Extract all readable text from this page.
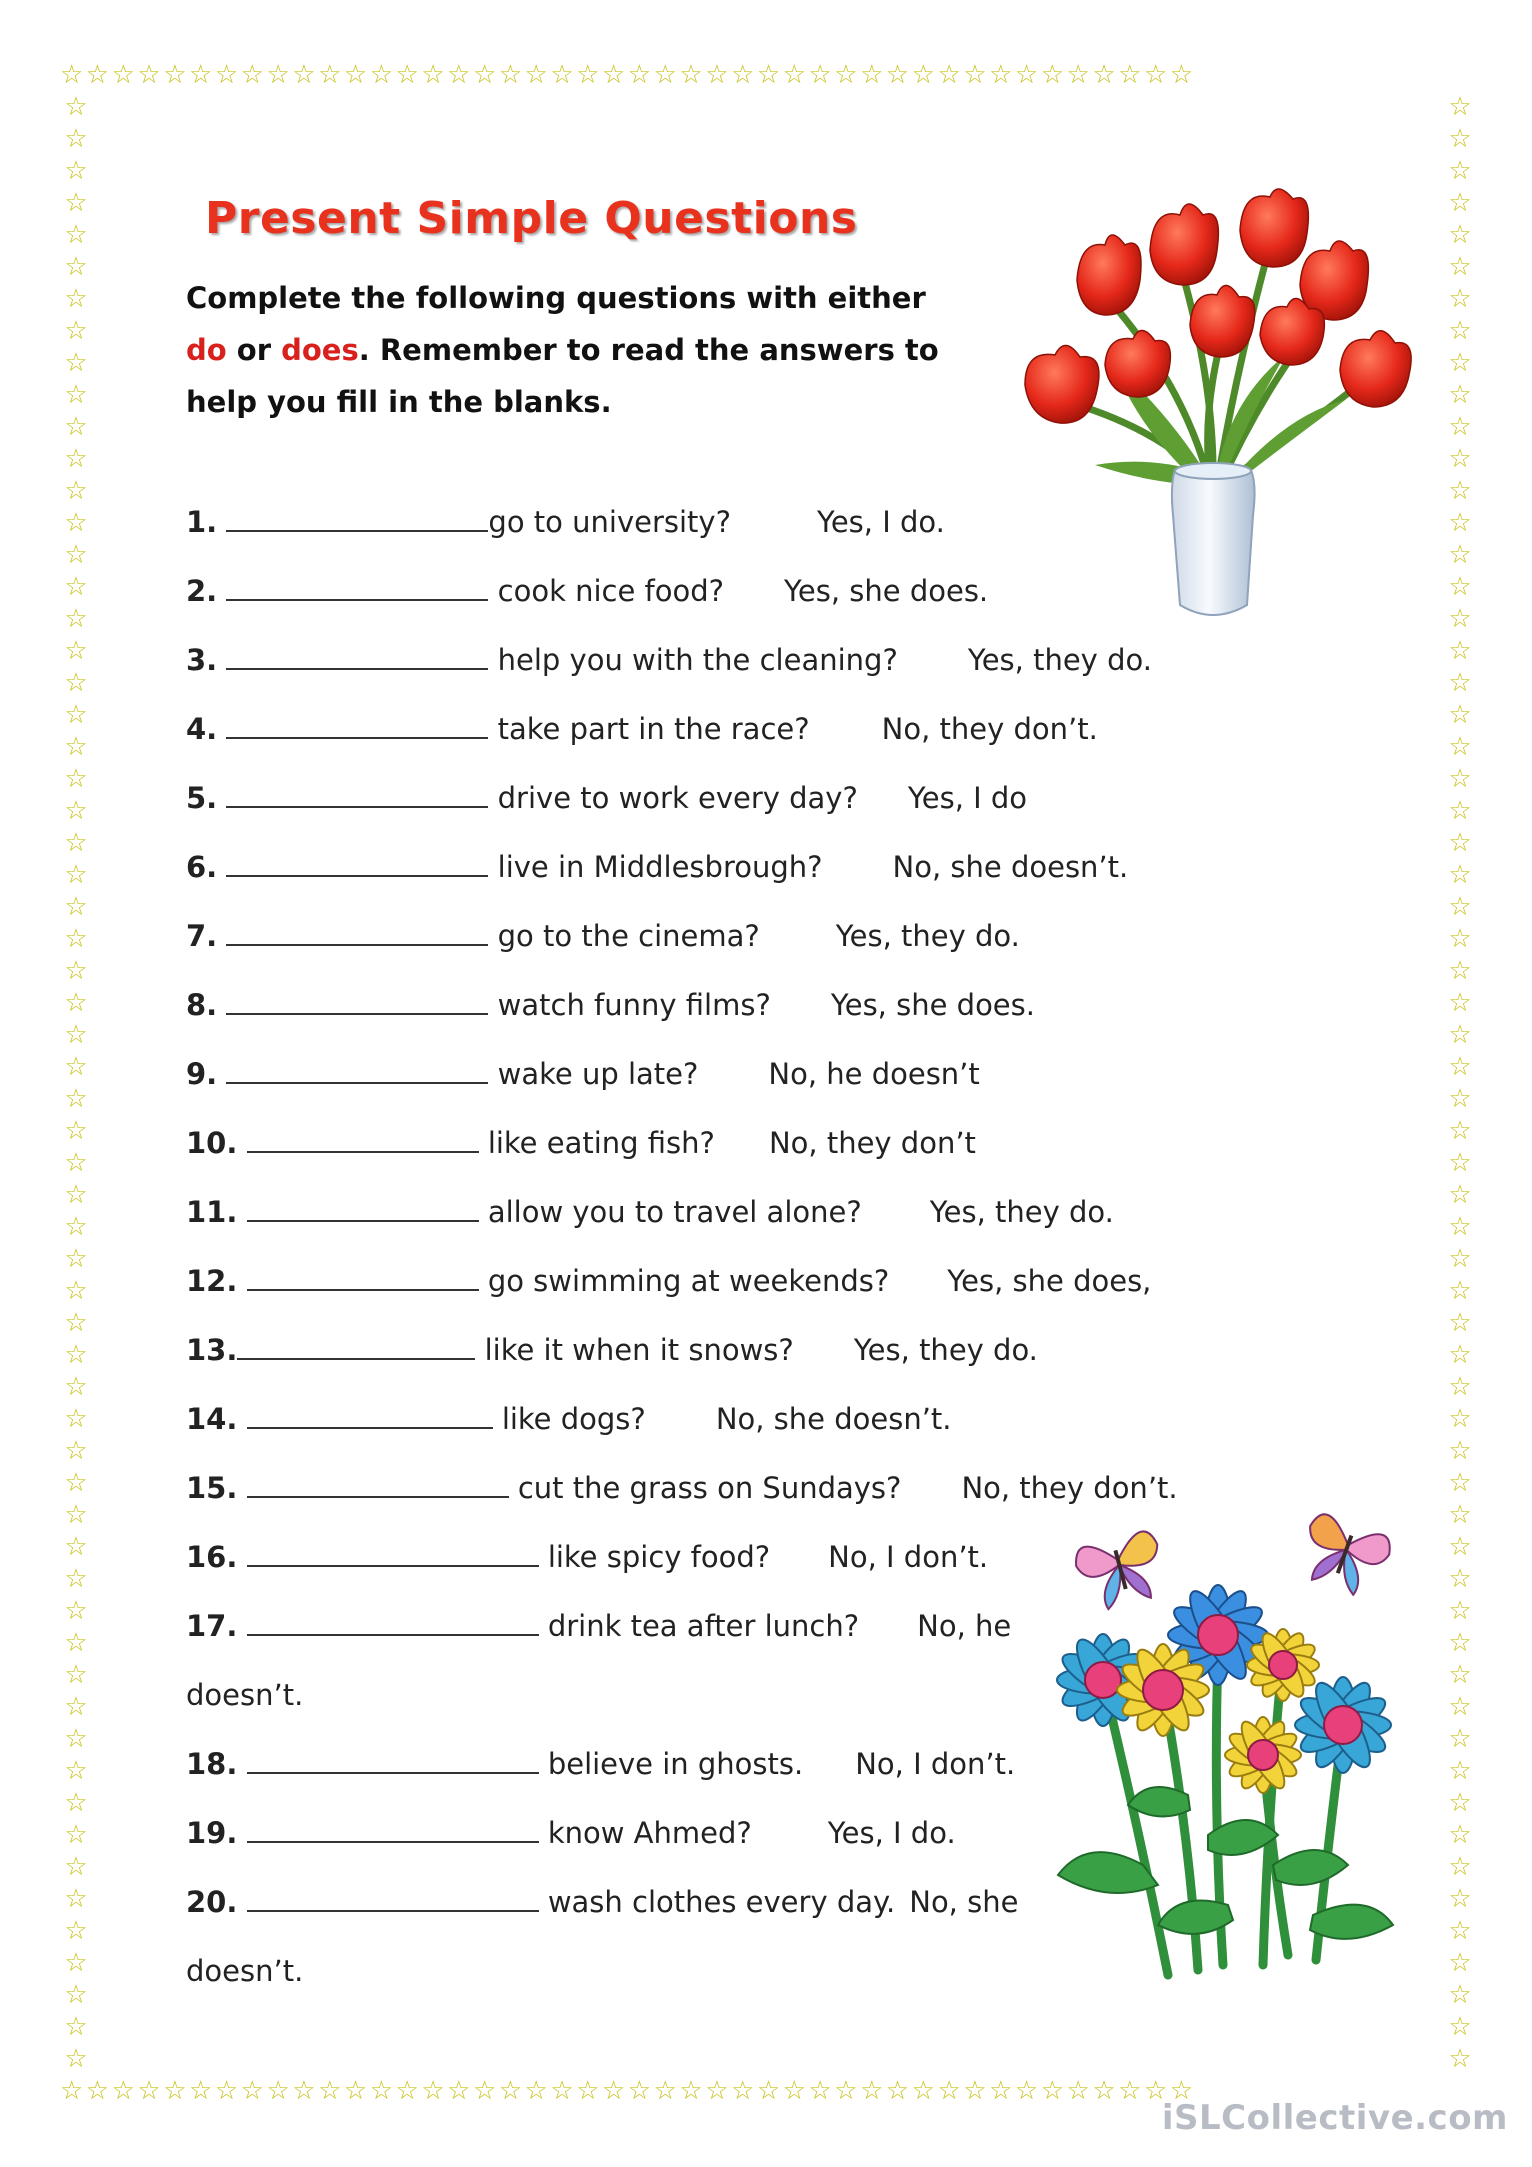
☆☆☆☆☆☆☆☆☆☆☆☆☆☆☆☆☆☆☆☆☆☆☆☆☆☆☆☆☆☆☆☆☆☆☆☆☆☆☆☆☆☆☆☆
☆☆☆☆☆☆☆☆☆☆☆☆☆☆☆☆☆☆☆☆☆☆☆☆☆☆☆☆☆☆☆☆☆☆☆☆☆☆☆☆☆☆☆☆
☆
☆
☆
☆
☆
☆
☆
☆
☆
☆
☆
☆
☆
☆
☆
☆
☆
☆
☆
☆
☆
☆
☆
☆
☆
☆
☆
☆
☆
☆
☆
☆
☆
☆
☆
☆
☆
☆
☆
☆
☆
☆
☆
☆
☆
☆
☆
☆
☆
☆
☆
☆
☆
☆
☆
☆
☆
☆
☆
☆
☆
☆
☆
☆
☆
☆
☆
☆
☆
☆
☆
☆
☆
☆
☆
☆
☆
☆
☆
☆
☆
☆
☆
☆
☆
☆
☆
☆
☆
☆
☆
☆
☆
☆
☆
☆
☆
☆
☆
☆
☆
☆
☆
☆
☆
☆
☆
☆
☆
☆
☆
☆
☆
☆
☆
☆
☆
☆
☆
☆
☆
☆
☆
☆
Present Simple Questions
Complete the following questions with either do or does. Remember to read the answers to help you fill in the blanks.
1.	go to university?	Yes, I do.
2.	cook nice food? Yes, she does.
3.	help you with the cleaning? Yes, they do.
4.	take part in the race? No, they don’t.
5.	drive to work every day? Yes, I do
6.	live in Middlesbrough? No, she doesn’t.
7.	go to the cinema?	Yes, they do.
8.	watch funny films? Yes, she does.
9.	wake up late? No, he doesn’t
10.	like eating fish? No, they don’t
11.	allow you to travel alone? Yes, they do.
12.	go swimming at weekends? Yes, she does,
13.	like it when it snows? Yes, they do.
14.	like dogs? No, she doesn’t.
15.	cut the grass on Sundays? No, they don’t.
16.	like spicy food? No, I don’t.
17.	drink tea after lunch? No, he
doesn’t.
18.	believe in ghosts. No, I don’t.
19.	know Ahmed?	Yes, I do.
20.	wash clothes every day. No, she
doesn’t.
iSLCollective.com
